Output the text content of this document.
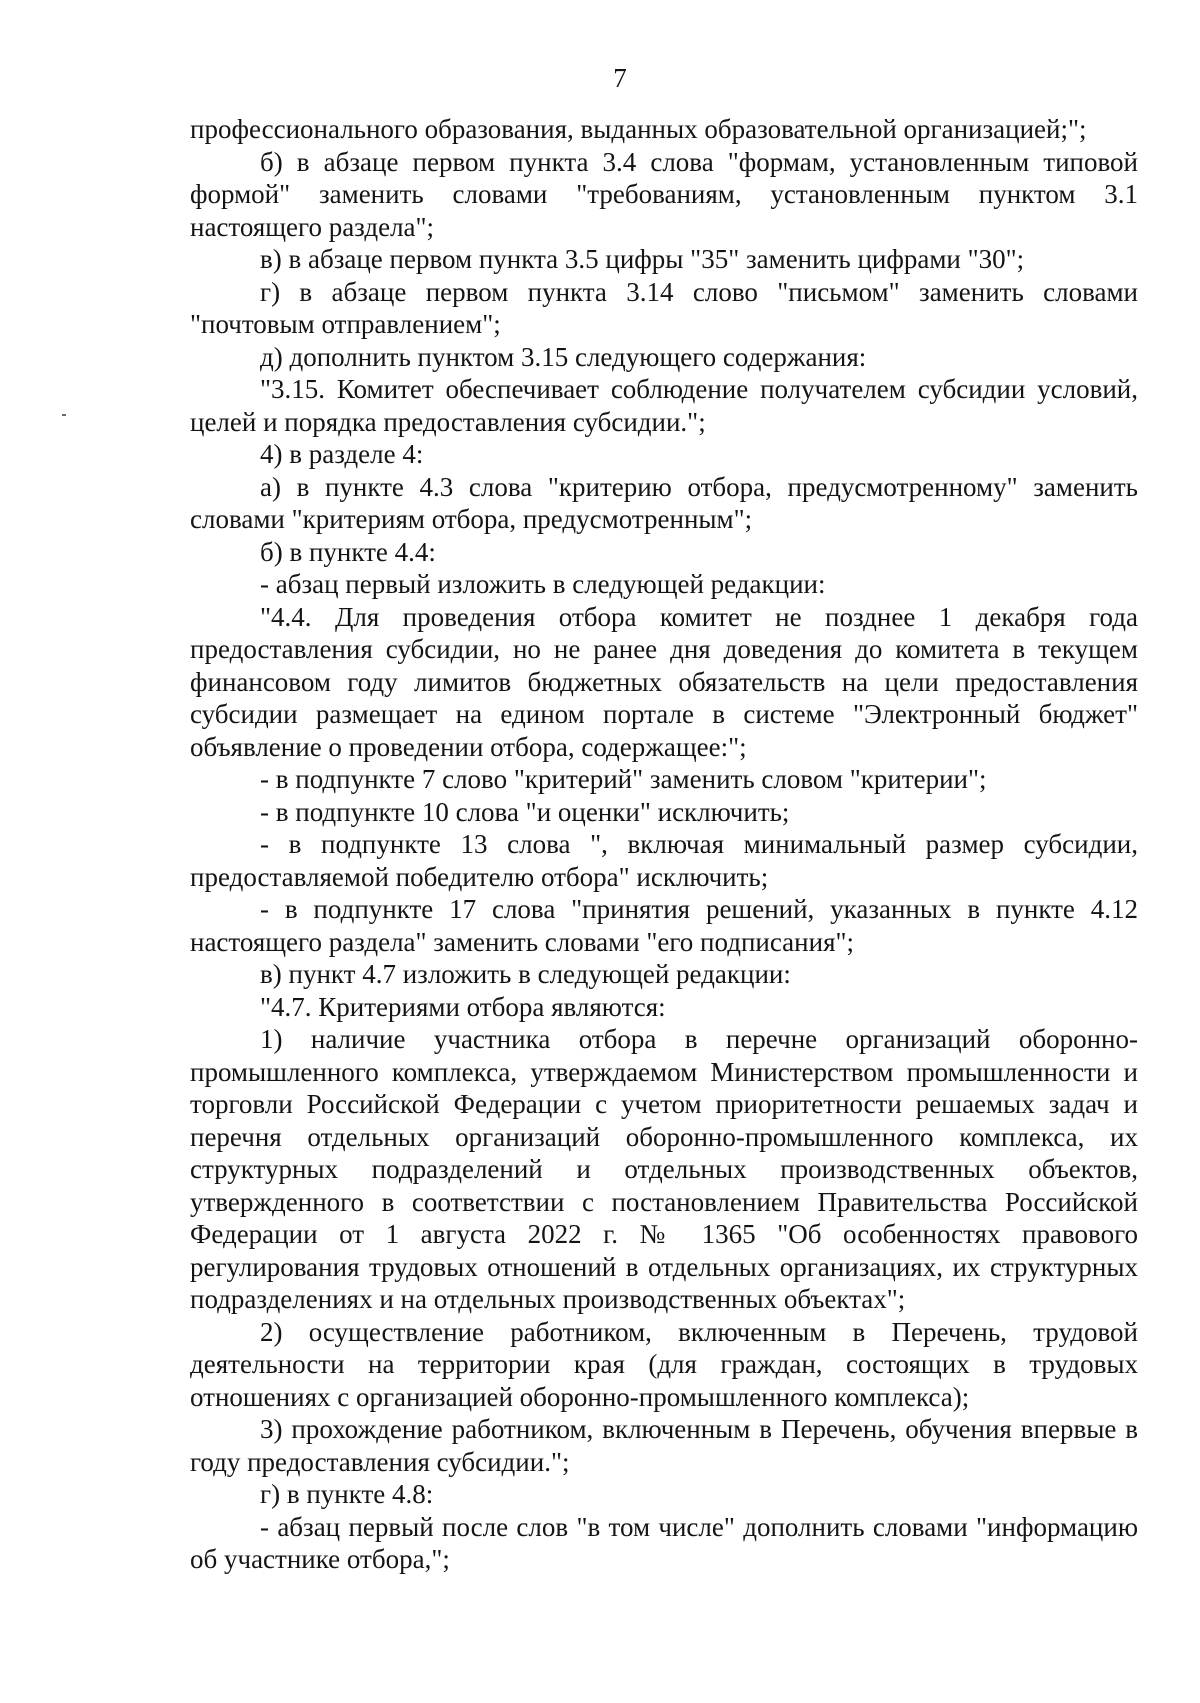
7

профессионального образования, выданных образовательной организацией;";

б) в абзаце первом пункта 3.4 слова "формам, установленным типовой формой" заменить словами "требованиям, установленным пунктом 3.1 настоящего раздела";

в) в абзаце первом пункта 3.5 цифры "35" заменить цифрами "30";

г) в абзаце первом пункта 3.14 слово "письмом" заменить словами "почтовым отправлением";

д) дополнить пунктом 3.15 следующего содержания:

"3.15. Комитет обеспечивает соблюдение получателем субсидии условий, целей и порядка предоставления субсидии.";

4) в разделе 4:

а) в пункте 4.3 слова "критерию отбора, предусмотренному" заменить словами "критериям отбора, предусмотренным";

б) в пункте 4.4:

- абзац первый изложить в следующей редакции:

"4.4. Для проведения отбора комитет не позднее 1 декабря года предоставления субсидии, но не ранее дня доведения до комитета в текущем финансовом году лимитов бюджетных обязательств на цели предоставления субсидии размещает на едином портале в системе "Электронный бюджет" объявление о проведении отбора, содержащее:";

- в подпункте 7 слово "критерий" заменить словом "критерии";

- в подпункте 10 слова "и оценки" исключить;

- в подпункте 13 слова ", включая минимальный размер субсидии, предоставляемой победителю отбора" исключить;

- в подпункте 17 слова "принятия решений, указанных в пункте 4.12 настоящего раздела" заменить словами "его подписания";

в) пункт 4.7 изложить в следующей редакции:

"4.7. Критериями отбора являются:

1) наличие участника отбора в перечне организаций оборонно-промышленного комплекса, утверждаемом Министерством промышленности и торговли Российской Федерации с учетом приоритетности решаемых задач и перечня отдельных организаций оборонно-промышленного комплекса, их структурных подразделений и отдельных производственных объектов, утвержденного в соответствии с постановлением Правительства Российской Федерации от 1 августа 2022 г. № 1365 "Об особенностях правового регулирования трудовых отношений в отдельных организациях, их структурных подразделениях и на отдельных производственных объектах";

2) осуществление работником, включенным в Перечень, трудовой деятельности на территории края (для граждан, состоящих в трудовых отношениях с организацией оборонно-промышленного комплекса);

3) прохождение работником, включенным в Перечень, обучения впервые в году предоставления субсидии.";

г) в пункте 4.8:

- абзац первый после слов "в том числе" дополнить словами "информацию об участнике отбора,";
